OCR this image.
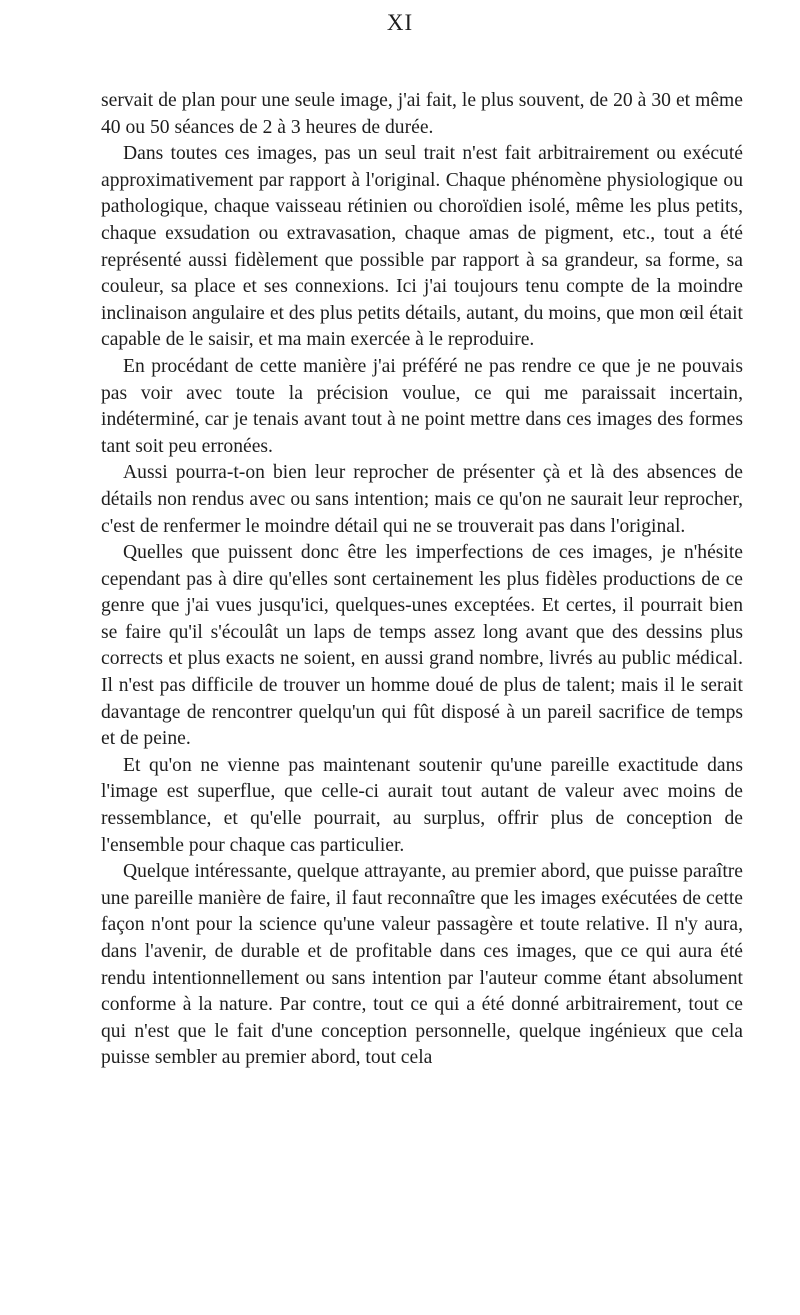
XI

servait de plan pour une seule image, j'ai fait, le plus souvent, de 20 à 30 et même 40 ou 50 séances de 2 à 3 heures de durée.

Dans toutes ces images, pas un seul trait n'est fait arbitrairement ou exécuté approximativement par rapport à l'original. Chaque phénomène physiologique ou pathologique, chaque vaisseau rétinien ou choroïdien isolé, même les plus petits, chaque exsudation ou extravasation, chaque amas de pigment, etc., tout a été représenté aussi fidèlement que possible par rapport à sa grandeur, sa forme, sa couleur, sa place et ses connexions. Ici j'ai toujours tenu compte de la moindre inclinaison angulaire et des plus petits détails, autant, du moins, que mon œil était capable de le saisir, et ma main exercée à le reproduire.

En procédant de cette manière j'ai préféré ne pas rendre ce que je ne pouvais pas voir avec toute la précision voulue, ce qui me paraissait incertain, indéterminé, car je tenais avant tout à ne point mettre dans ces images des formes tant soit peu erronées.

Aussi pourra-t-on bien leur reprocher de présenter çà et là des absences de détails non rendus avec ou sans intention; mais ce qu'on ne saurait leur reprocher, c'est de renfermer le moindre détail qui ne se trouverait pas dans l'original.

Quelles que puissent donc être les imperfections de ces images, je n'hésite cependant pas à dire qu'elles sont certainement les plus fidèles productions de ce genre que j'ai vues jusqu'ici, quelques-unes exceptées. Et certes, il pourrait bien se faire qu'il s'écoulât un laps de temps assez long avant que des dessins plus corrects et plus exacts ne soient, en aussi grand nombre, livrés au public médical. Il n'est pas difficile de trouver un homme doué de plus de talent; mais il le serait davantage de rencontrer quelqu'un qui fût disposé à un pareil sacrifice de temps et de peine.

Et qu'on ne vienne pas maintenant soutenir qu'une pareille exactitude dans l'image est superflue, que celle-ci aurait tout autant de valeur avec moins de ressemblance, et qu'elle pourrait, au surplus, offrir plus de conception de l'ensemble pour chaque cas particulier.

Quelque intéressante, quelque attrayante, au premier abord, que puisse paraître une pareille manière de faire, il faut reconnaître que les images exécutées de cette façon n'ont pour la science qu'une valeur passagère et toute relative. Il n'y aura, dans l'avenir, de durable et de profitable dans ces images, que ce qui aura été rendu intentionnellement ou sans intention par l'auteur comme étant absolument conforme à la nature. Par contre, tout ce qui a été donné arbitrairement, tout ce qui n'est que le fait d'une conception personnelle, quelque ingénieux que cela puisse sembler au premier abord, tout cela
